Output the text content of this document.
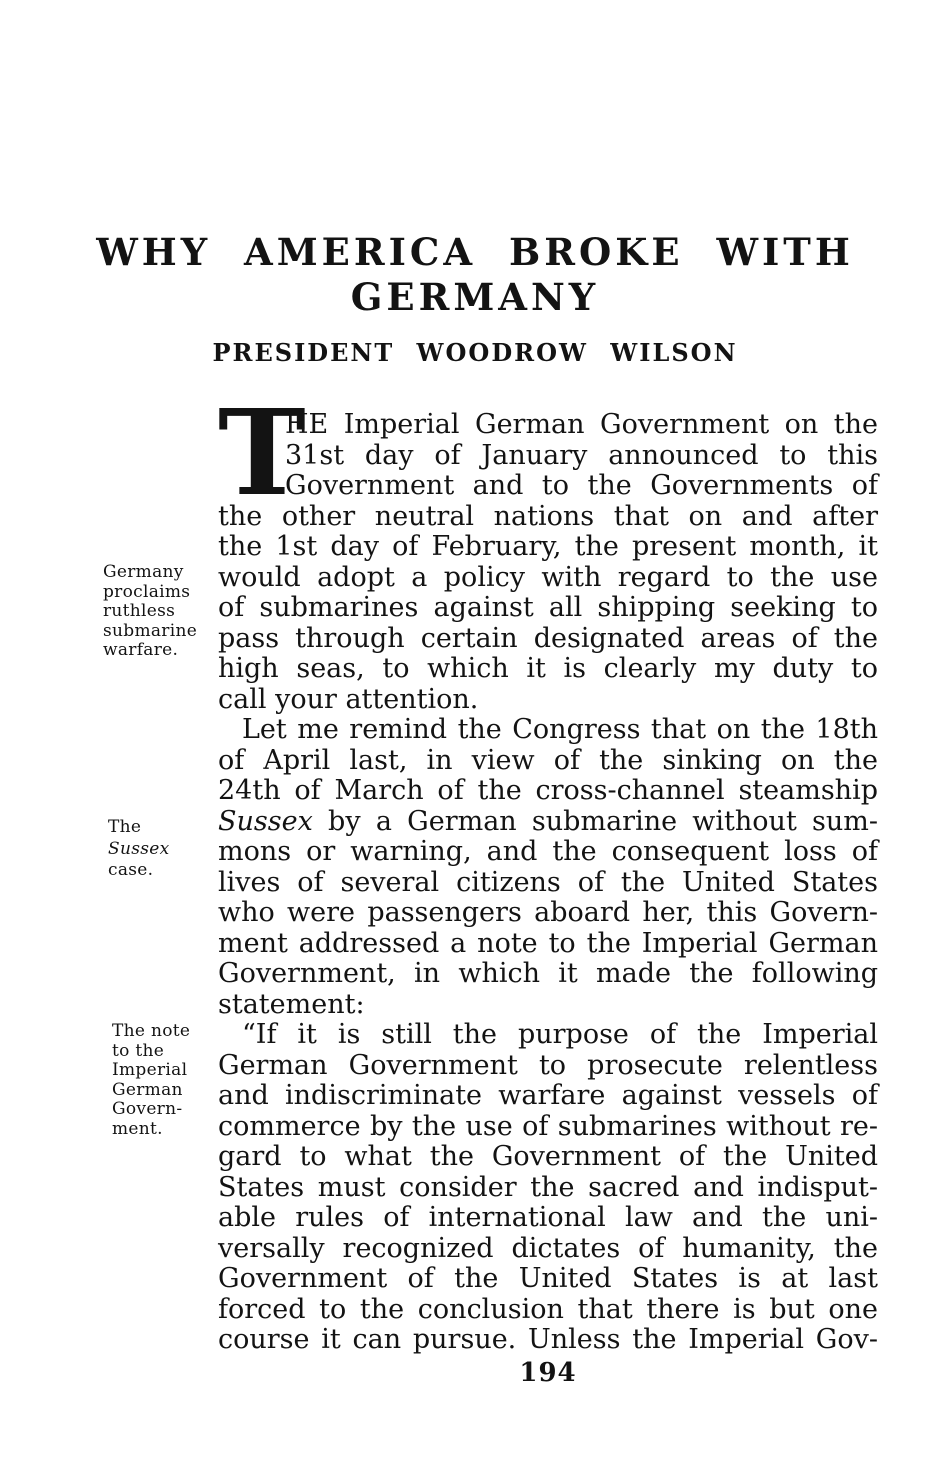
WHY AMERICA BROKE WITH
GERMANY
PRESIDENT WOODROW WILSON
Germany
proclaims
ruthless
submarine
warfare.
The
Sussex
case.
The note
to the
Imperial
German
Govern-
ment.
T
HE Imperial German Government on the
31st day of January announced to this
Government and to the Governments of
the other neutral nations that on and after
the 1st day of February, the present month, it
would adopt a policy with regard to the use
of submarines against all shipping seeking to
pass through certain designated areas of the
high seas, to which it is clearly my duty to
call your attention.
Let me remind the Congress that on the 18th
of April last, in view of the sinking on the
24th of March of the cross-channel steamship
Sussex by a German submarine without sum-
mons or warning, and the consequent loss of
lives of several citizens of the United States
who were passengers aboard her, this Govern-
ment addressed a note to the Imperial German
Government, in which it made the following
statement:
“If it is still the purpose of the Imperial
German Government to prosecute relentless
and indiscriminate warfare against vessels of
commerce by the use of submarines without re-
gard to what the Government of the United
States must consider the sacred and indisput-
able rules of international law and the uni-
versally recognized dictates of humanity, the
Government of the United States is at last
forced to the conclusion that there is but one
course it can pursue. Unless the Imperial Gov-
194
